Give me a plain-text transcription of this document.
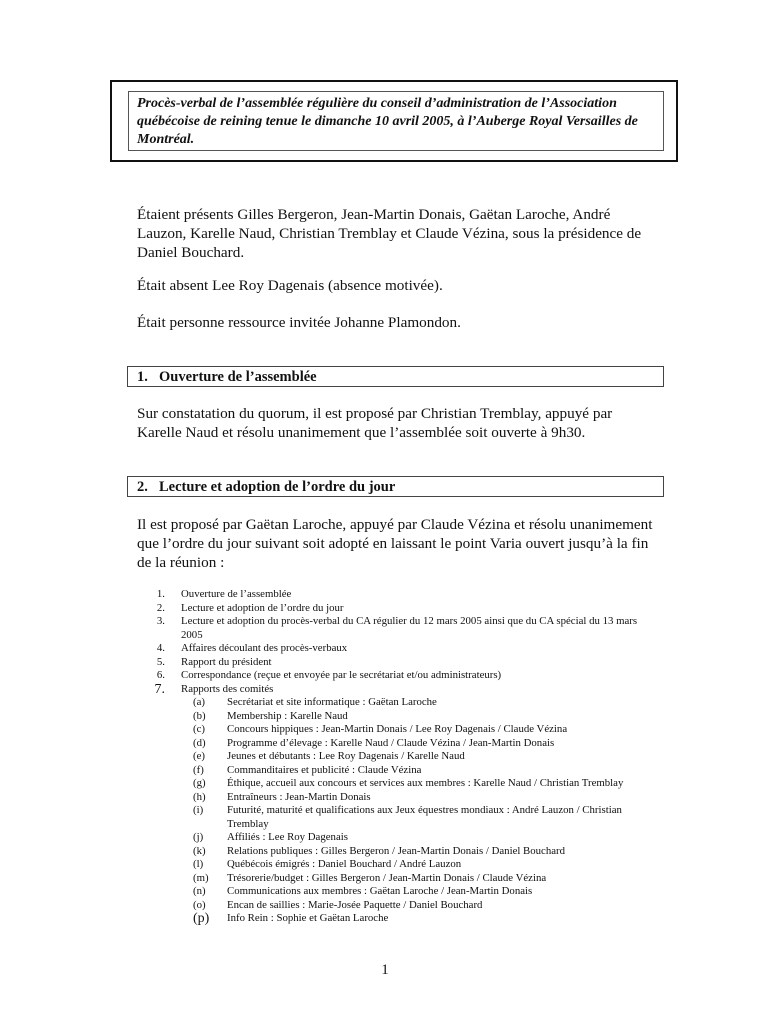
Procès-verbal de l’assemblée régulière du conseil d’administration de l’Association québécoise de reining tenue le dimanche 10 avril 2005, à l’Auberge Royal Versailles de Montréal.
Étaient présents Gilles Bergeron, Jean-Martin Donais, Gaëtan Laroche, André Lauzon, Karelle Naud, Christian Tremblay et Claude Vézina, sous la présidence de Daniel Bouchard.
Était absent Lee Roy Dagenais (absence motivée).
Était personne ressource invitée Johanne Plamondon.
1. Ouverture de l’assemblée
Sur constatation du quorum, il est proposé par Christian Tremblay, appuyé par Karelle Naud et résolu unanimement que l’assemblée soit ouverte à 9h30.
2. Lecture et adoption de l’ordre du jour
Il est proposé par Gaëtan Laroche, appuyé par Claude Vézina et résolu unanimement que l’ordre du jour suivant soit adopté en laissant le point Varia ouvert jusqu’à la fin de la réunion :
1. Ouverture de l’assemblée
2. Lecture et adoption de l’ordre du jour
3. Lecture et adoption du procès-verbal du CA régulier du 12 mars 2005 ainsi que du CA spécial du 13 mars 2005
4. Affaires découlant des procès-verbaux
5. Rapport du président
6. Correspondance (reçue et envoyée par le secrétariat et/ou administrateurs)
7. Rapports des comités
(a) Secrétariat et site informatique : Gaëtan Laroche
(b) Membership : Karelle Naud
(c) Concours hippiques : Jean-Martin Donais / Lee Roy Dagenais / Claude Vézina
(d) Programme d’élevage : Karelle Naud / Claude Vézina / Jean-Martin Donais
(e) Jeunes et débutants : Lee Roy Dagenais / Karelle Naud
(f) Commanditaires et publicité : Claude Vézina
(g) Éthique, accueil aux concours et services aux membres : Karelle Naud / Christian Tremblay
(h) Entraîneurs : Jean-Martin Donais
(i) Futurité, maturité et qualifications aux Jeux équestres mondiaux : André Lauzon / Christian Tremblay
(j) Affiliés : Lee Roy Dagenais
(k) Relations publiques : Gilles Bergeron / Jean-Martin Donais / Daniel Bouchard
(l) Québécois émigrés : Daniel Bouchard / André Lauzon
(m) Trésorerie/budget : Gilles Bergeron / Jean-Martin Donais / Claude Vézina
(n) Communications aux membres : Gaëtan Laroche / Jean-Martin Donais
(o) Encan de saillies : Marie-Josée Paquette / Daniel Bouchard
(p) Info Rein : Sophie et Gaëtan Laroche
1
